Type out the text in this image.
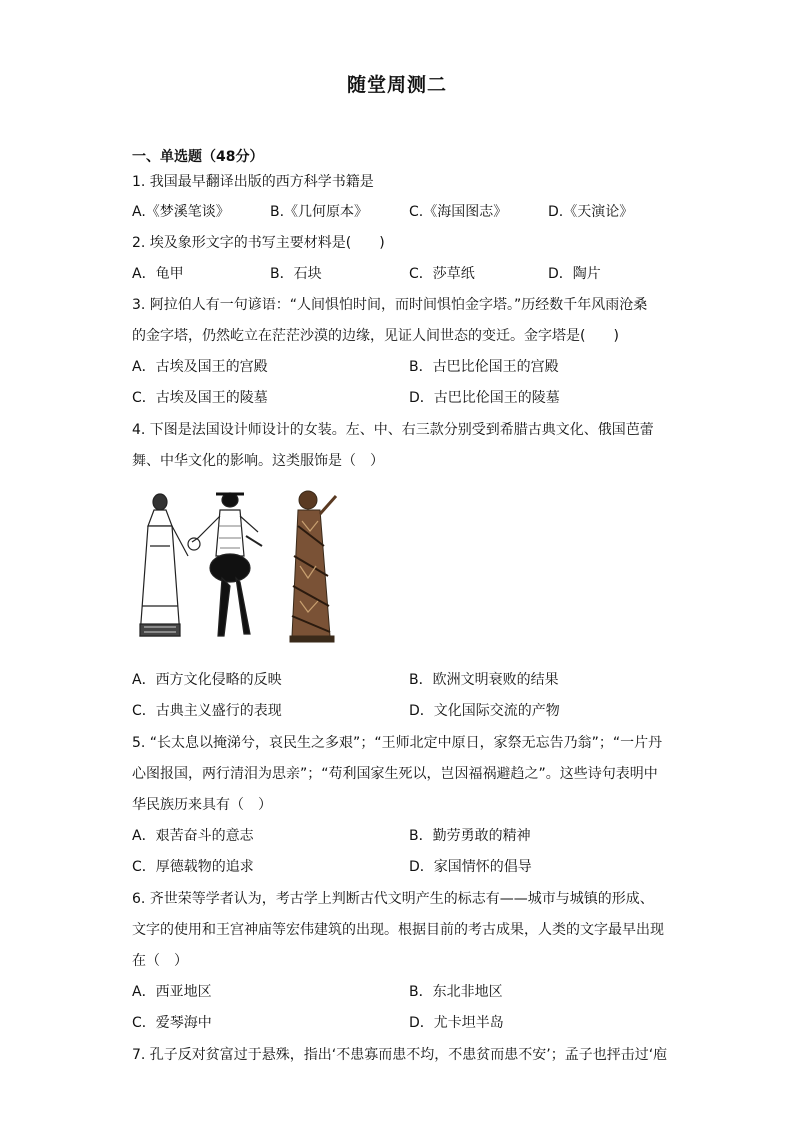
随堂周测二
一、单选题（48分）
1. 我国最早翻译出版的西方科学书籍是
A.《梦溪笔谈》	B.《几何原本》	C.《海国图志》	D.《天演论》
2. 埃及象形文字的书写主要材料是(　　)
A．龟甲	B．石块	C．莎草纸	D．陶片
3. 阿拉伯人有一句谚语：“人间惧怕时间，而时间惧怕金字塔。”历经数千年风雨沧桑
的金字塔，仍然屹立在茫茫沙漠的边缘，见证人间世态的变迁。金字塔是(　　)
A．古埃及国王的宫殿	B．古巴比伦国王的宫殿
C．古埃及国王的陵墓	D．古巴比伦国王的陵墓
4. 下图是法国设计师设计的女装。左、中、右三款分别受到希腊古典文化、俄国芭蕾
舞、中华文化的影响。这类服饰是（　）
A．西方文化侵略的反映	B．欧洲文明衰败的结果
C．古典主义盛行的表现	D．文化国际交流的产物
5. “长太息以掩涕兮，哀民生之多艰”；“王师北定中原日，家祭无忘告乃翁”；“一片丹
心图报国，两行清泪为思亲”；“苟利国家生死以，岂因福祸避趋之”。这些诗句表明中
华民族历来具有（　）
A．艰苦奋斗的意志	B．勤劳勇敢的精神
C．厚德载物的追求	D．家国情怀的倡导
6. 齐世荣等学者认为，考古学上判断古代文明产生的标志有——城市与城镇的形成、
文字的使用和王宫神庙等宏伟建筑的出现。根据目前的考古成果，人类的文字最早出现
在（　）
A．西亚地区	B．东北非地区
C．爱琴海中	D．尤卡坦半岛
7. 孔子反对贫富过于悬殊，指出‘不患寡而患不均，不患贫而患不安’；孟子也抨击过‘庖
